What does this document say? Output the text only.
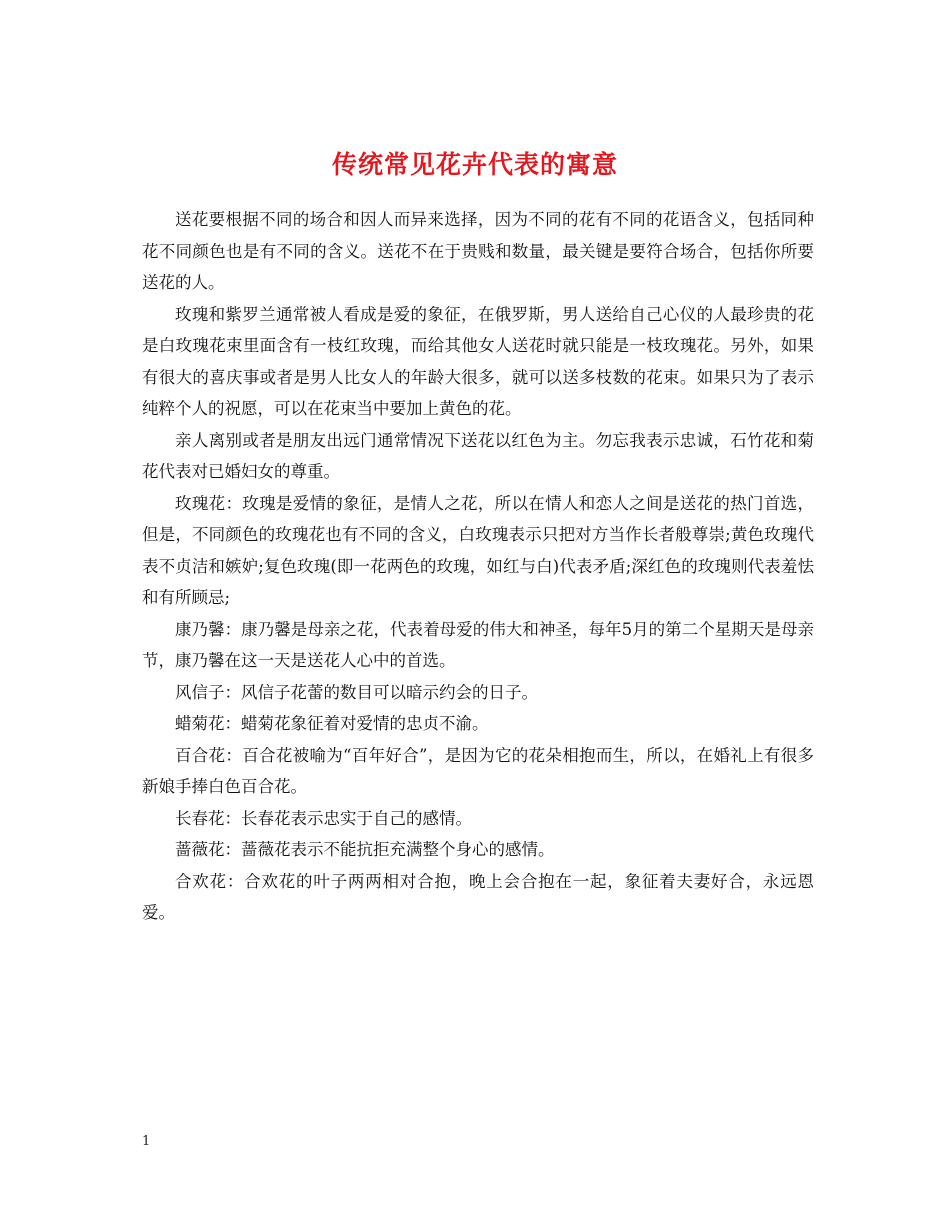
传统常见花卉代表的寓意

送花要根据不同的场合和因人而异来选择，因为不同的花有不同的花语含义，包括同种花不同颜色也是有不同的含义。送花不在于贵贱和数量，最关键是要符合场合，包括你所要送花的人。

玫瑰和紫罗兰通常被人看成是爱的象征，在俄罗斯，男人送给自己心仪的人最珍贵的花是白玫瑰花束里面含有一枝红玫瑰，而给其他女人送花时就只能是一枝玫瑰花。另外，如果有很大的喜庆事或者是男人比女人的年龄大很多，就可以送多枝数的花束。如果只为了表示纯粹个人的祝愿，可以在花束当中要加上黄色的花。

亲人离别或者是朋友出远门通常情况下送花以红色为主。勿忘我表示忠诚，石竹花和菊花代表对已婚妇女的尊重。

玫瑰花：玫瑰是爱情的象征，是情人之花，所以在情人和恋人之间是送花的热门首选，但是，不同颜色的玫瑰花也有不同的含义，白玫瑰表示只把对方当作长者般尊崇;黄色玫瑰代表不贞洁和嫉妒;复色玫瑰(即一花两色的玫瑰，如红与白)代表矛盾;深红色的玫瑰则代表羞怯和有所顾忌;

康乃馨：康乃馨是母亲之花，代表着母爱的伟大和神圣，每年5月的第二个星期天是母亲节，康乃馨在这一天是送花人心中的首选。

风信子：风信子花蕾的数目可以暗示约会的日子。

蜡菊花：蜡菊花象征着对爱情的忠贞不渝。

百合花：百合花被喻为“百年好合”，是因为它的花朵相抱而生，所以，在婚礼上有很多新娘手捧白色百合花。

长春花：长春花表示忠实于自己的感情。

蔷薇花：蔷薇花表示不能抗拒充满整个身心的感情。

合欢花：合欢花的叶子两两相对合抱，晚上会合抱在一起，象征着夫妻好合，永远恩爱。

1
